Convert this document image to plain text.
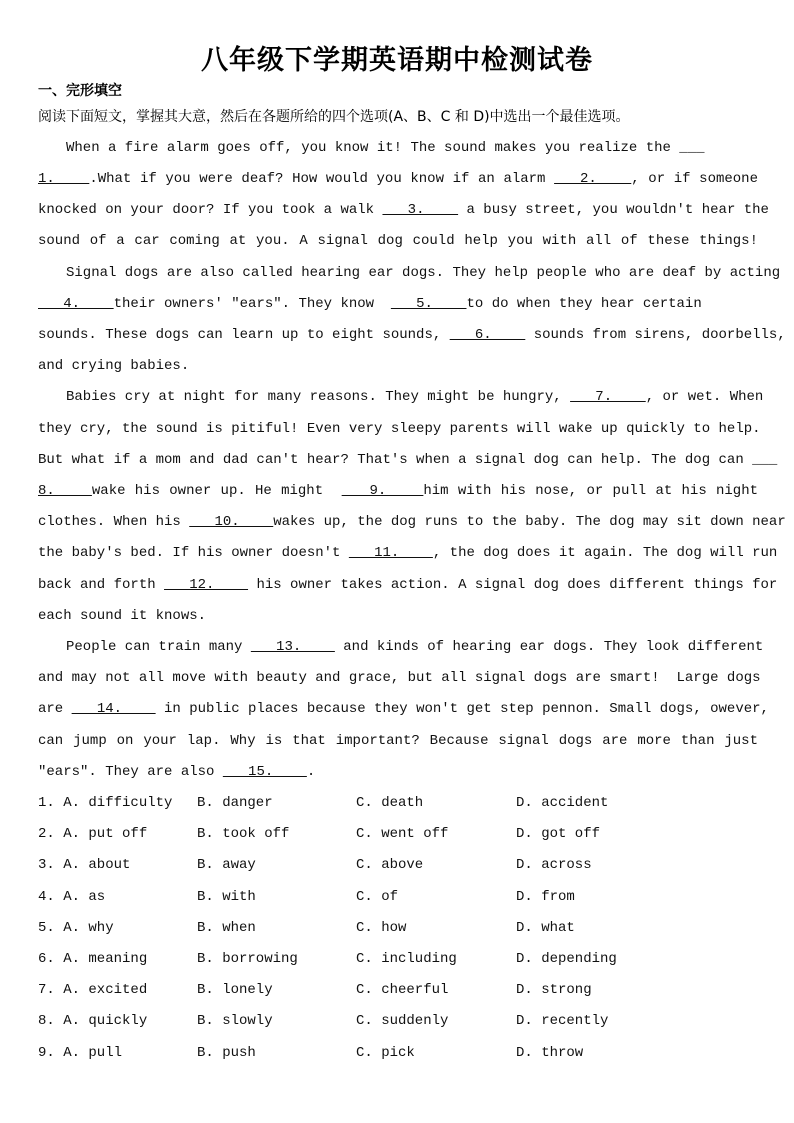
八年级下学期英语期中检测试卷
一、完形填空
阅读下面短文，掌握其大意，然后在各题所给的四个选项(A、B、C 和 D)中选出一个最佳选项。
When a fire alarm goes off, you know it! The sound makes you realize the ___
1.    .What if you were deaf? How would you know if an alarm    2.    , or if someone
knocked on your door? If you took a walk    3.     a busy street, you wouldn't hear the
sound of a car coming at you. A signal dog could help you with all of these things!
Signal dogs are also called hearing ear dogs. They help people who are deaf by acting
4.    their owners' "ears". They know     5.    to do when they hear certain
sounds. These dogs can learn up to eight sounds,    6.     sounds from sirens, doorbells,
and crying babies.
Babies cry at night for many reasons. They might be hungry,    7.    , or wet. When
they cry, the sound is pitiful! Even very sleepy parents will wake up quickly to help.
But what if a mom and dad can't hear? That's when a signal dog can help. The dog can ___
8.    wake his owner up. He might     9.    him with his nose, or pull at his night
clothes. When his    10.    wakes up, the dog runs to the baby. The dog may sit down near
the baby's bed. If his owner doesn't    11.    , the dog does it again. The dog will run
back and forth    12.     his owner takes action. A signal dog does different things for
each sound it knows.
People can train many    13.     and kinds of hearing ear dogs. They look different
and may not all move with beauty and grace, but all signal dogs are smart!  Large dogs
are    14.     in public places because they won't get step pennon. Small dogs, owever,
can jump on your lap. Why is that important? Because signal dogs are more than just
"ears". They are also    15.    .
1. A. difficulty B. danger	C. death	D. accident
2. A. put off	B. took off	C. went off	D. got off
3. A. about	B. away	C. above	D. across
4. A. as	B. with	C. of	D. from
5. A. why	B. when	C. how	D. what
6. A. meaning	B. borrowing	C. including	D. depending
7. A. excited	B. lonely	C. cheerful	D. strong
8. A. quickly	B. slowly	C. suddenly	D. recently
9. A. pull	B. push	C. pick	D. throw
